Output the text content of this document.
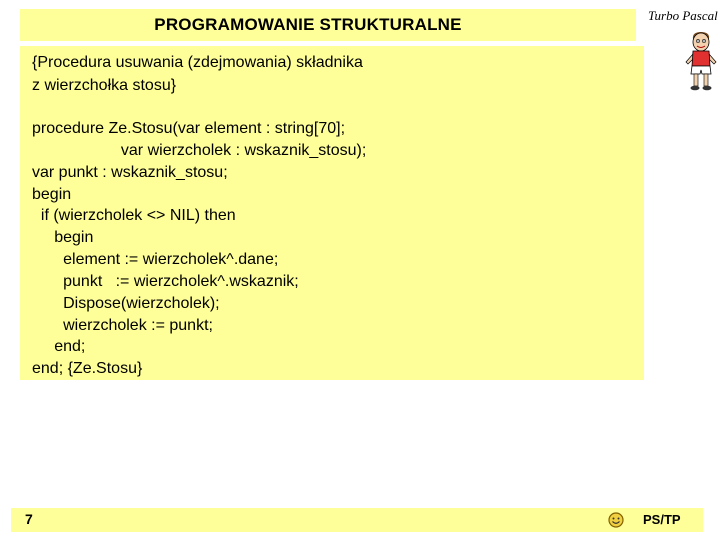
PROGRAMOWANIE STRUKTURALNE	Turbo Pascal
{Procedura usuwania (zdejmowania) składnika
z wierzchołka stosu}
procedure Ze.Stosu(var element : string[70];
var wierzcholek : wskaznik_stosu);
var punkt : wskaznik_stosu;
begin
if (wierzcholek <> NIL) then
begin
element := wierzcholek^.dane;
punkt   := wierzcholek^.wskaznik;
Dispose(wierzcholek);
wierzcholek := punkt;
end;
end; {Ze.Stosu}
7	PS/TP
